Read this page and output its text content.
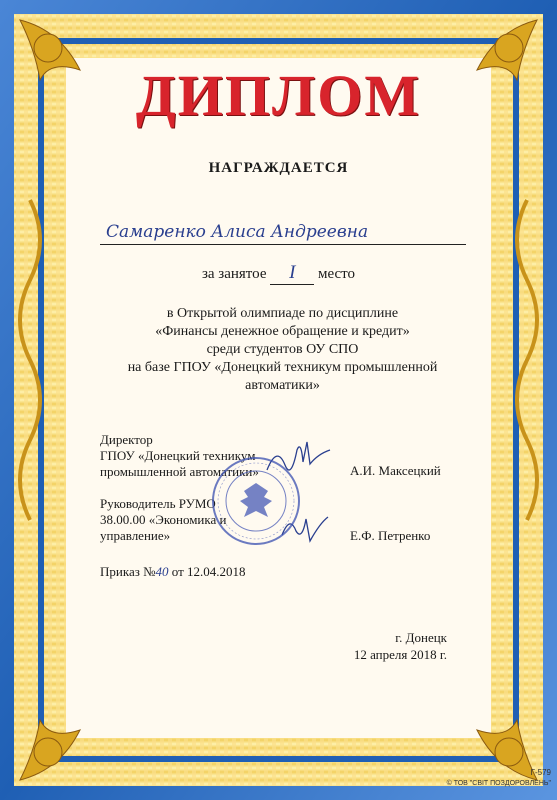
ДИПЛОМ
НАГРАЖДАЕТСЯ
Самаренко Алиса Андреевна
за занятое I место
в Открытой олимпиаде по дисциплине
«Финансы денежное обращение и кредит»
среди студентов ОУ СПО
на базе ГПОУ «Донецкий техникум промышленной
автоматики»
Директор
ГПОУ «Донецкий техникум
промышленной автоматики»	А.И. Максецкий
Руководитель РУМО
38.00.00 «Экономика и
управление»	Е.Ф. Петренко
Приказ №40 от 12.04.2018
г. Донецк
12 апреля 2018 г.
Г-579
© ТОВ "СВІТ ПОЗДОРОВЛЕНЬ"
